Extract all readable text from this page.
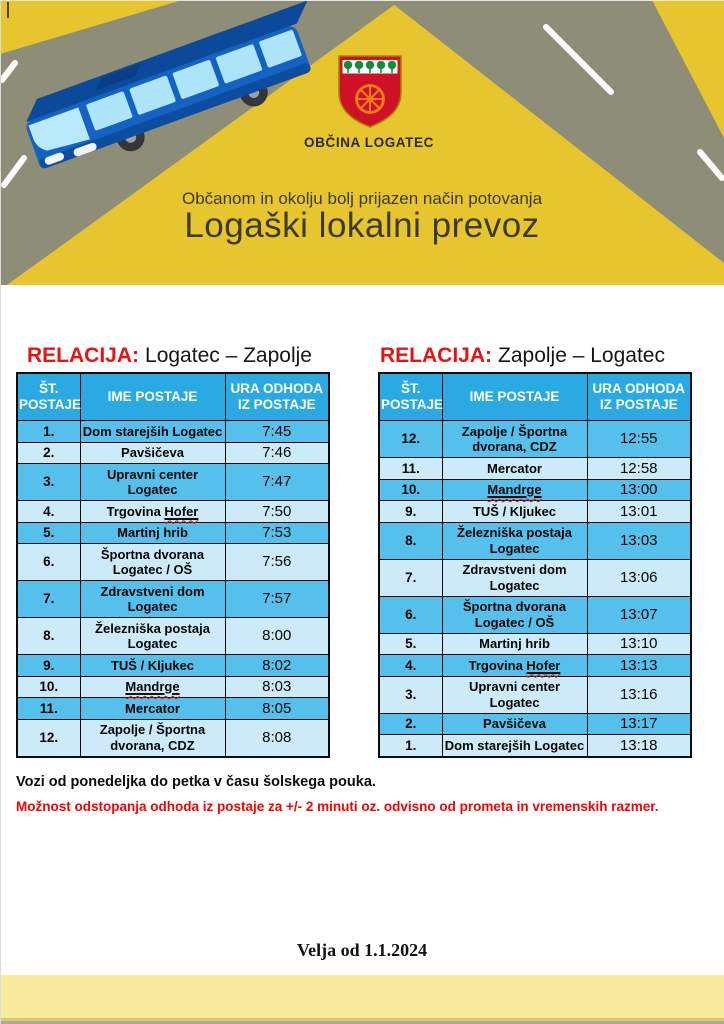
OBČINA LOGATEC
Občanom in okolju bolj prijazen način potovanja
Logaški lokalni prevoz
RELACIJA: Logatec – Zapolje	RELACIJA: Zapolje – Logatec
ŠT.
POSTAJE	IME POSTAJE	URA ODHODA
IZ POSTAJE
1.	Dom starejših Logatec	7:45
2.	Pavšičeva	7:46
3.	Upravni center Logatec	7:47
4.	Trgovina Hofer	7:50
5.	Martinj hrib	7:53
6.	Športna dvorana Logatec / OŠ	7:56
7.	Zdravstveni dom Logatec	7:57
8.	Železniška postaja Logatec	8:00
9.	TUŠ / Kljukec	8:02
10.	Mandrge	8:03
11.	Mercator	8:05
12.	Zapolje / Športna dvorana, CDZ	8:08
ŠT.
POSTAJE	IME POSTAJE	URA ODHODA
IZ POSTAJE
12.	Zapolje / Športna dvorana, CDZ	12:55
11.	Mercator	12:58
10.	Mandrge	13:00
9.	TUŠ / Kljukec	13:01
8.	Železniška postaja Logatec	13:03
7.	Zdravstveni dom Logatec	13:06
6.	Športna dvorana Logatec / OŠ	13:07
5.	Martinj hrib	13:10
4.	Trgovina Hofer	13:13
3.	Upravni center Logatec	13:16
2.	Pavšičeva	13:17
1.	Dom starejših Logatec	13:18
Vozi od ponedeljka do petka v času šolskega pouka.
Možnost odstopanja odhoda iz postaje za +/- 2 minuti oz. odvisno od prometa in vremenskih razmer.
Velja od 1.1.2024
